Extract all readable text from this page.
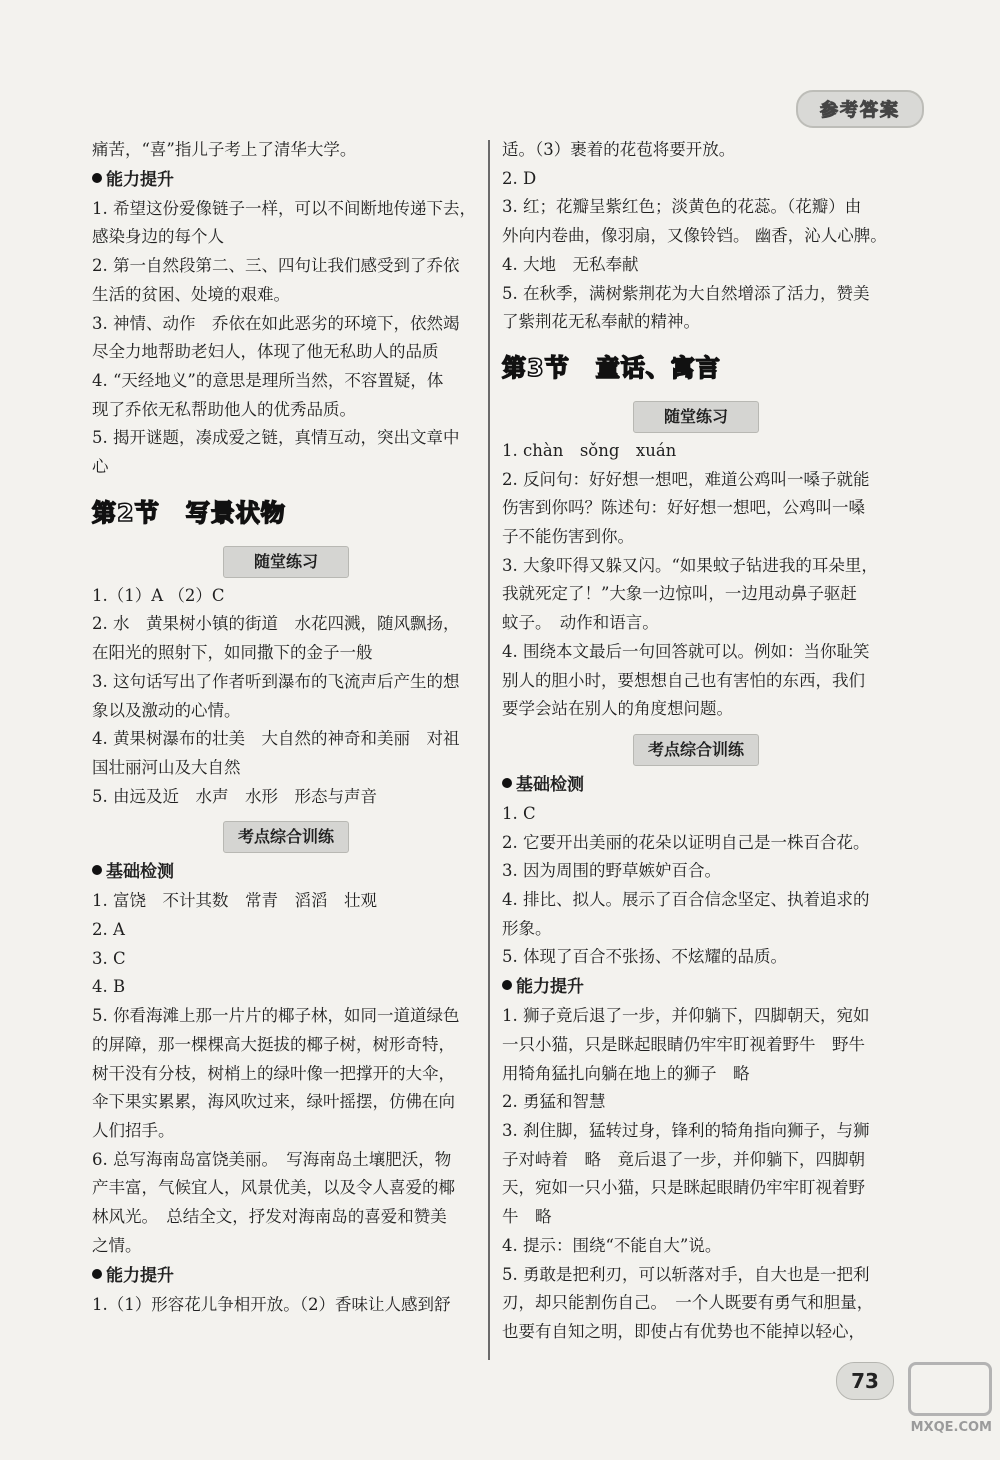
参考答案
痛苦，“喜”指儿子考上了清华大学。
能力提升
1. 希望这份爱像链子一样，可以不间断地传递下去，
感染身边的每个人
2. 第一自然段第二、三、四句让我们感受到了乔依
生活的贫困、处境的艰难。
3. 神情、动作　乔依在如此恶劣的环境下，依然竭
尽全力地帮助老妇人，体现了他无私助人的品质
4. “天经地义”的意思是理所当然，不容置疑，体
现了乔依无私帮助他人的优秀品质。
5. 揭开谜题，凑成爱之链，真情互动，突出文章中
心
第2节 写景状物
随堂练习
1.（1）A （2）C
2. 水　黄果树小镇的街道　水花四溅，随风飘扬，
在阳光的照射下，如同撒下的金子一般
3. 这句话写出了作者听到瀑布的飞流声后产生的想
象以及激动的心情。
4. 黄果树瀑布的壮美　大自然的神奇和美丽　对祖
国壮丽河山及大自然
5. 由远及近　水声　水形　形态与声音
考点综合训练
基础检测
1. 富饶　不计其数　常青　滔滔　壮观
2. A
3. C
4. B
5. 你看海滩上那一片片的椰子林，如同一道道绿色
的屏障，那一棵棵高大挺拔的椰子树，树形奇特，
树干没有分枝，树梢上的绿叶像一把撑开的大伞，
伞下果实累累，海风吹过来，绿叶摇摆，仿佛在向
人们招手。
6. 总写海南岛富饶美丽。　写海南岛土壤肥沃，物
产丰富，气候宜人，风景优美，以及令人喜爱的椰
林风光。　总结全文，抒发对海南岛的喜爱和赞美
之情。
能力提升
1.（1）形容花儿争相开放。（2）香味让人感到舒
适。（3）裹着的花苞将要开放。
2. D
3. 红；花瓣呈紫红色；淡黄色的花蕊。（花瓣）由
外向内卷曲，像羽扇，又像铃铛。 幽香，沁人心脾。
4. 大地　无私奉献
5. 在秋季，满树紫荆花为大自然增添了活力，赞美
了紫荆花无私奉献的精神。
第3节 童话、寓言
随堂练习
1. chàn　sǒng　xuán
2. 反问句：好好想一想吧，难道公鸡叫一嗓子就能
伤害到你吗？陈述句：好好想一想吧，公鸡叫一嗓
子不能伤害到你。
3. 大象吓得又躲又闪。“如果蚊子钻进我的耳朵里，
我就死定了！”大象一边惊叫，一边甩动鼻子驱赶
蚊子。　动作和语言。
4. 围绕本文最后一句回答就可以。例如：当你耻笑
别人的胆小时，要想想自己也有害怕的东西，我们
要学会站在别人的角度想问题。
考点综合训练
基础检测
1. C
2. 它要开出美丽的花朵以证明自己是一株百合花。
3. 因为周围的野草嫉妒百合。
4. 排比、拟人。展示了百合信念坚定、执着追求的
形象。
5. 体现了百合不张扬、不炫耀的品质。
能力提升
1. 狮子竟后退了一步，并仰躺下，四脚朝天，宛如
一只小猫，只是眯起眼睛仍牢牢盯视着野牛　野牛
用犄角猛扎向躺在地上的狮子　略
2. 勇猛和智慧
3. 刹住脚，猛转过身，锋利的犄角指向狮子，与狮
子对峙着　略　竟后退了一步，并仰躺下，四脚朝
天，宛如一只小猫，只是眯起眼睛仍牢牢盯视着野
牛　略
4. 提示：围绕“不能自大”说。
5. 勇敢是把利刃，可以斩落对手，自大也是一把利
刃，却只能割伤自己。　一个人既要有勇气和胆量，
也要有自知之明，即使占有优势也不能掉以轻心，
73
MXQE.COM
